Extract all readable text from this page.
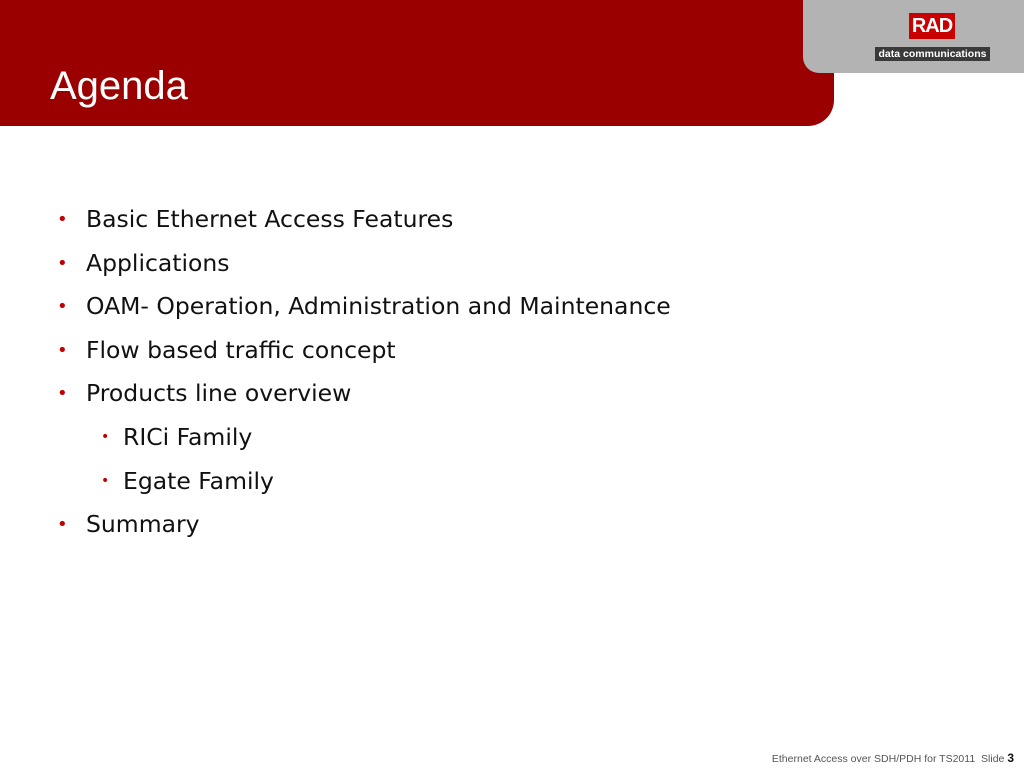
Agenda
RAD
data communications
• Basic Ethernet Access Features
• Applications
• OAM- Operation, Administration and Maintenance
• Flow based traffic concept
• Products line overview
• RICi Family
• Egate Family
• Summary
Ethernet Access over SDH/PDH for TS2011 Slide 3
